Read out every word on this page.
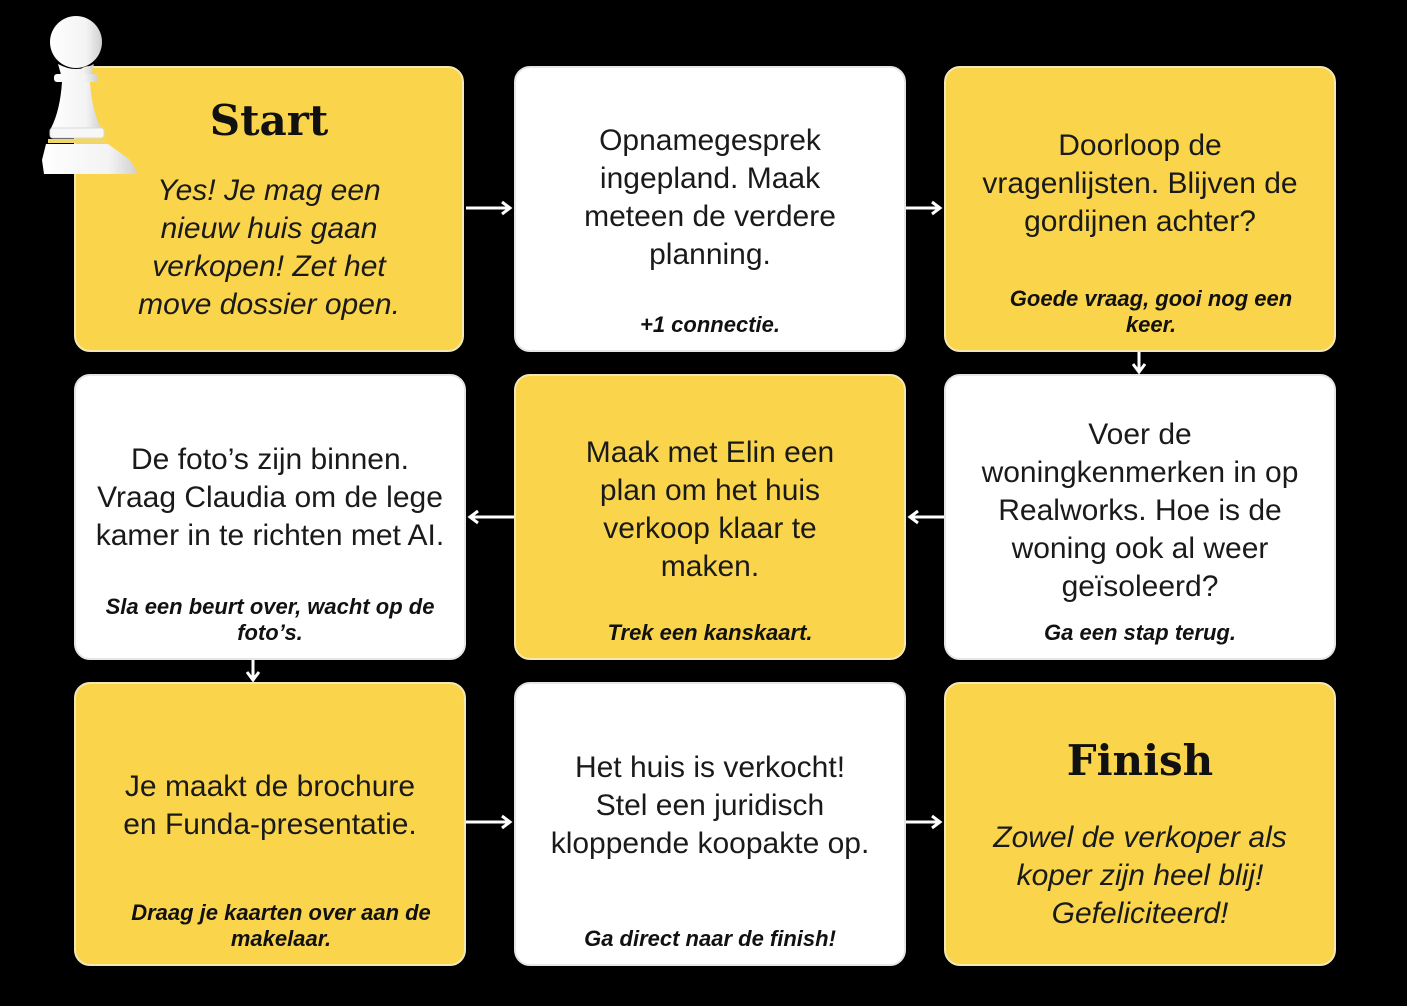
Start
Yes! Je mag een nieuw huis gaan verkopen! Zet het move dossier open.
Opnamegesprek ingepland. Maak meteen de verdere planning.
+1 connectie.
Doorloop de vragenlijsten. Blijven de gordijnen achter?
Goede vraag, gooi nog een keer.
De foto’s zijn binnen. Vraag Claudia om de lege kamer in te richten met AI.
Sla een beurt over, wacht op de foto’s.
Maak met Elin een plan om het huis verkoop klaar te maken.
Trek een kanskaart.
Voer de woningkenmerken in op Realworks. Hoe is de woning ook al weer geïsoleerd?
Ga een stap terug.
Je maakt de brochure en Funda-presentatie.
Draag je kaarten over aan de makelaar.
Het huis is verkocht! Stel een juridisch kloppende koopakte op.
Ga direct naar de finish!
Finish
Zowel de verkoper als koper zijn heel blij! Gefeliciteerd!
